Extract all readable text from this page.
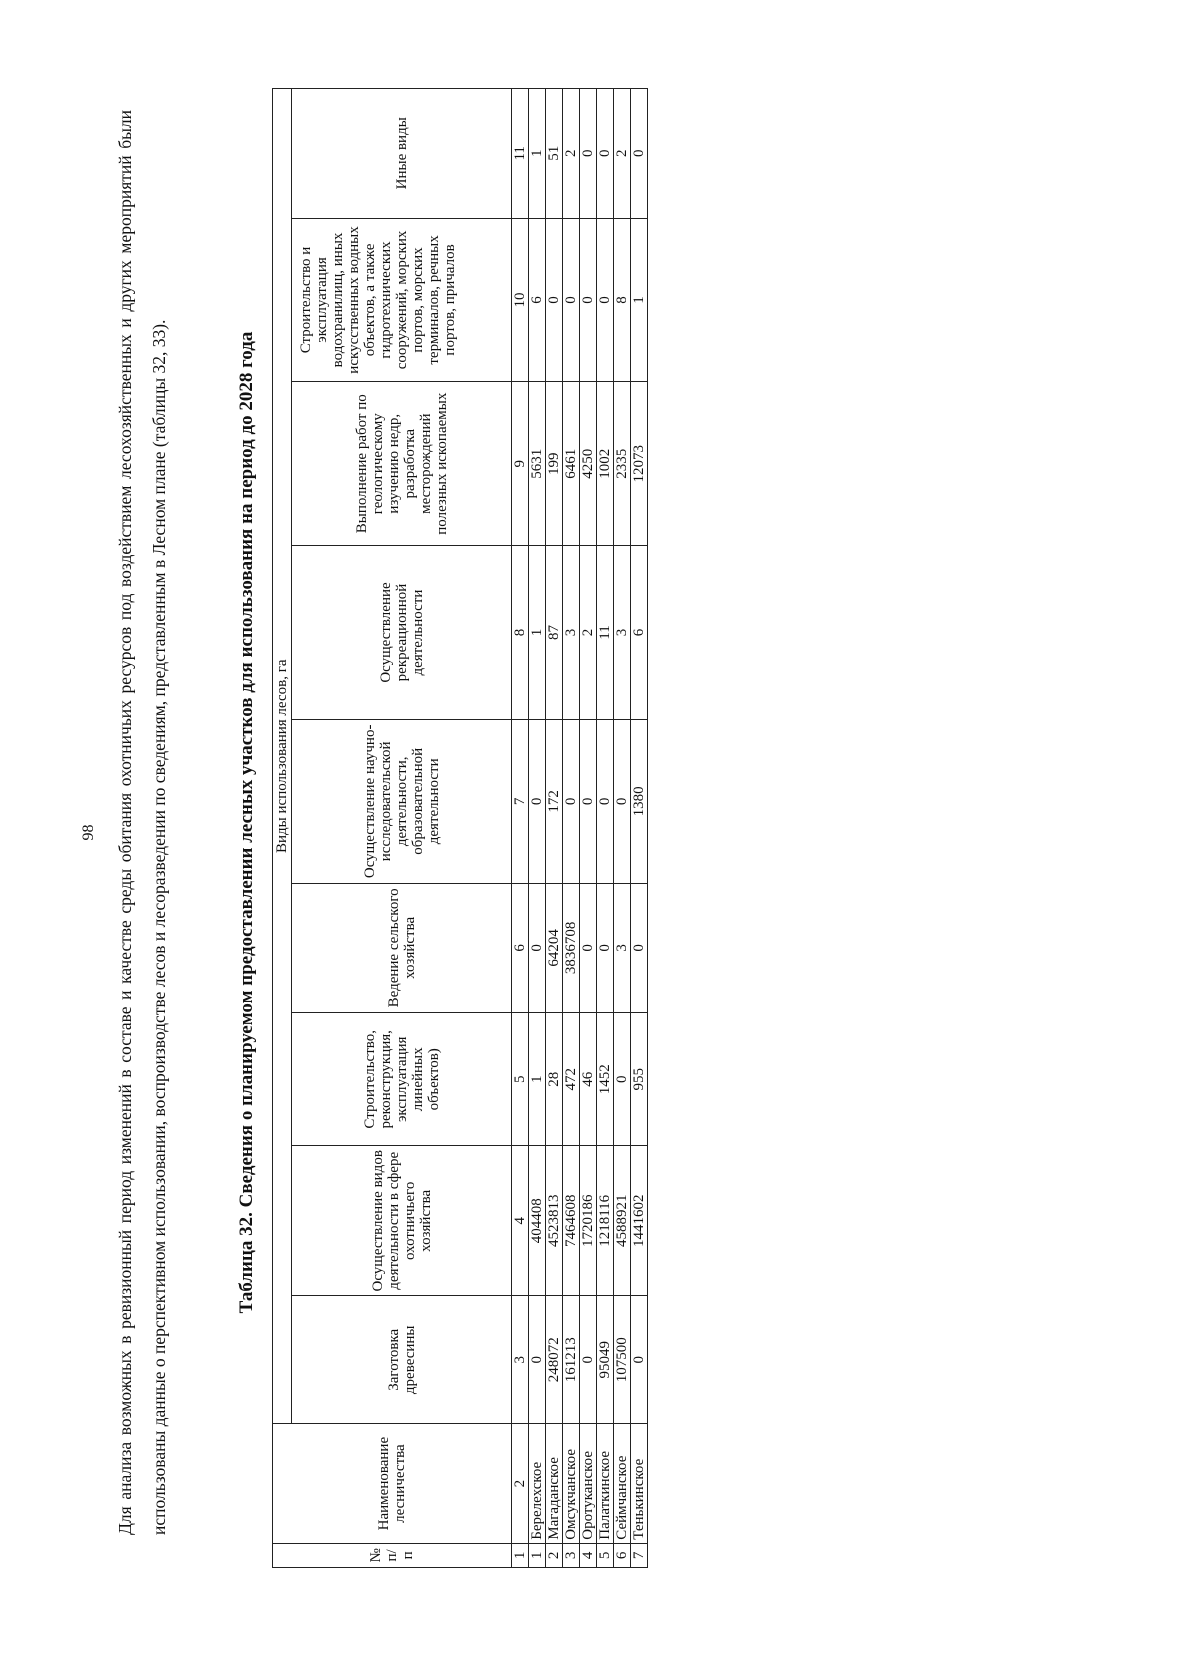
98	Для анализа возможных в ревизионный период изменений в составе и качестве среды обитания охотничьих ресурсов под воздействием лесохозяйственных и других мероприятий были использованы данные о перспективном использовании, воспроизводстве лесов и лесоразведении по сведениям, представленным в Лесном плане (таблицы 32, 33).	Таблица 32. Сведения о планируемом предоставлении лесных участков для использования на период до 2028 года
№ п/п	Наименование лесничества	Виды использования лесов, га								
		Заготовка древесины	Осуществление видов деятельности в сфере охотничьего хозяйства	Строительство, реконструкция, эксплуатация линейных объектов)	Ведение сельского хозяйства	Осуществление научно-исследовательской деятельности, образовательной деятельности	Осуществление рекреационной деятельности	Выполнение работ по геологическому изучению недр, разработка месторождений полезных ископаемых	Строительство и эксплуатация водохранилищ, иных искусственных водных объектов, а также гидротехнических сооружений, морских портов, морских терминалов, речных портов, причалов	Иные виды
1	2	3	4	5	6	7	8	9	10	11
1	Берелехское	0	404408	1	0	0	1	5631	6	1
2	Магаданское	248072	4523813	28	64204	172	87	199	0	51
3	Омсукчанское	161213	7464608	472	3836708	0	3	6461	0	2
4	Оротуканское	0	1720186	46	0	0	2	4250	0	0
5	Палаткинское	95049	1218116	1452	0	0	11	1002	0	0
6	Сеймчанское	107500	4588921	0	3	0	3	2335	8	2
7	Тенькинское	0	1441602	955	0	1380	6	12073	1	0
